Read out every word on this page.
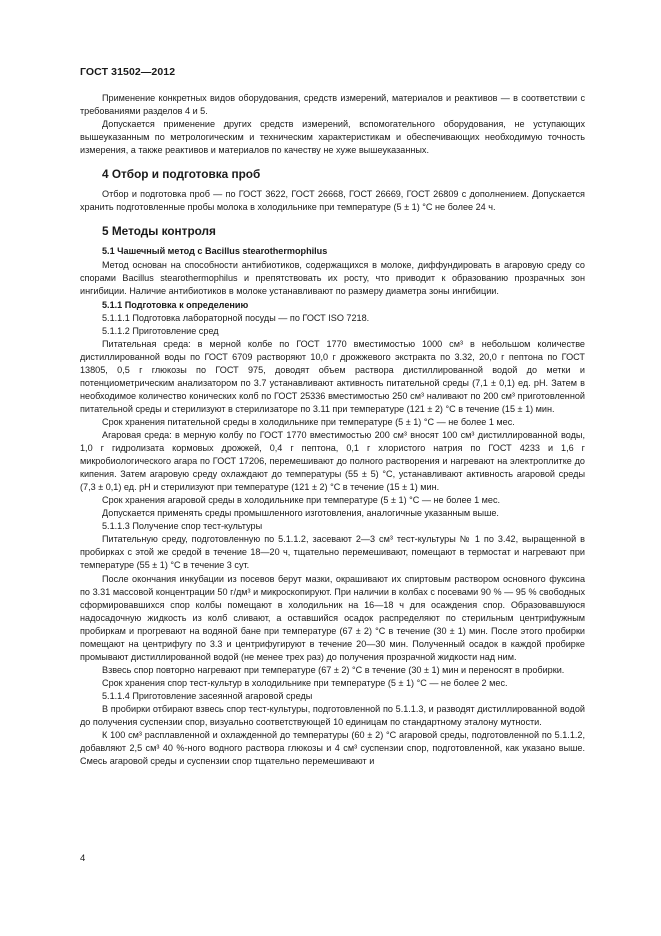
ГОСТ 31502—2012

Применение конкретных видов оборудования, средств измерений, материалов и реактивов — в соответствии с требованиями разделов 4 и 5.

Допускается применение других средств измерений, вспомогательного оборудования, не уступающих вышеуказанным по метрологическим и техническим характеристикам и обеспечивающих необходимую точность измерения, а также реактивов и материалов по качеству не хуже вышеуказанных.

4 Отбор и подготовка проб

Отбор и подготовка проб — по ГОСТ 3622, ГОСТ 26668, ГОСТ 26669, ГОСТ 26809 с дополнением. Допускается хранить подготовленные пробы молока в холодильнике при температуре (5 ± 1) °С не более 24 ч.

5 Методы контроля
5.1 Чашечный метод с Bacillus stearothermophilus

Метод основан на способности антибиотиков, содержащихся в молоке, диффундировать в агаровую среду со спорами Bacillus stearothermophilus и препятствовать их росту, что приводит к образованию прозрачных зон ингибиции. Наличие антибиотиков в молоке устанавливают по размеру диаметра зоны ингибиции.

5.1.1 Подготовка к определению

5.1.1.1 Подготовка лабораторной посуды — по ГОСТ ISO 7218.

5.1.1.2 Приготовление сред

Питательная среда: в мерной колбе по ГОСТ 1770 вместимостью 1000 см³ в небольшом количестве дистиллированной воды по ГОСТ 6709 растворяют 10,0 г дрожжевого экстракта по 3.32, 20,0 г пептона по ГОСТ 13805, 0,5 г глюкозы по ГОСТ 975, доводят объем раствора дистиллированной водой до метки и потенциометрическим анализатором по 3.7 устанавливают активность питательной среды (7,1 ± 0,1) ед. рН. Затем в необходимое количество конических колб по ГОСТ 25336 вместимостью 250 см³ наливают по 200 см³ приготовленной питательной среды и стерилизуют в стерилизаторе по 3.11 при температуре (121 ± 2) °С в течение (15 ± 1) мин.

Срок хранения питательной среды в холодильнике при температуре (5 ± 1) °С — не более 1 мес.

Агаровая среда: в мерную колбу по ГОСТ 1770 вместимостью 200 см³ вносят 100 см³ дистиллированной воды, 1,0 г гидролизата кормовых дрожжей, 0,4 г пептона, 0,1 г хлористого натрия по ГОСТ 4233 и 1,6 г микробиологического агара по ГОСТ 17206, перемешивают до полного растворения и нагревают на электроплитке до кипения. Затем агаровую среду охлаждают до температуры (55 ± 5) °С, устанавливают активность агаровой среды (7,3 ± 0,1) ед. рН и стерилизуют при температуре (121 ± 2) °С в течение (15 ± 1) мин.

Срок хранения агаровой среды в холодильнике при температуре (5 ± 1) °С — не более 1 мес.

Допускается применять среды промышленного изготовления, аналогичные указанным выше.

5.1.1.3 Получение спор тест-культуры

Питательную среду, подготовленную по 5.1.1.2, засевают 2—3 см³ тест-культуры № 1 по 3.42, выращенной в пробирках с этой же средой в течение 18—20 ч, тщательно перемешивают, помещают в термостат и нагревают при температуре (55 ± 1) °С в течение 3 сут.

После окончания инкубации из посевов берут мазки, окрашивают их спиртовым раствором основного фуксина по 3.31 массовой концентрации 50 г/дм³ и микроскопируют. При наличии в колбах с посевами 90 % — 95 % свободных сформировавшихся спор колбы помещают в холодильник на 16—18 ч для осаждения спор. Образовавшуюся надосадочную жидкость из колб сливают, а оставшийся осадок распределяют по стерильным центрифужным пробиркам и прогревают на водяной бане при температуре (67 ± 2) °С в течение (30 ± 1) мин. После этого пробирки помещают на центрифугу по 3.3 и центрифугируют в течение 20—30 мин. Полученный осадок в каждой пробирке промывают дистиллированной водой (не менее трех раз) до получения прозрачной жидкости над ним.

Взвесь спор повторно нагревают при температуре (67 ± 2) °С в течение (30 ± 1) мин и переносят в пробирки.

Срок хранения спор тест-культур в холодильнике при температуре (5 ± 1) °С — не более 2 мес.

5.1.1.4 Приготовление засеянной агаровой среды

В пробирки отбирают взвесь спор тест-культуры, подготовленной по 5.1.1.3, и разводят дистиллированной водой до получения суспензии спор, визуально соответствующей 10 единицам по стандартному эталону мутности.

К 100 см³ расплавленной и охлажденной до температуры (60 ± 2) °С агаровой среды, подготовленной по 5.1.1.2, добавляют 2,5 см³ 40 %-ного водного раствора глюкозы и 4 см³ суспензии спор, подготовленной, как указано выше. Смесь агаровой среды и суспензии спор тщательно перемешивают и

4
